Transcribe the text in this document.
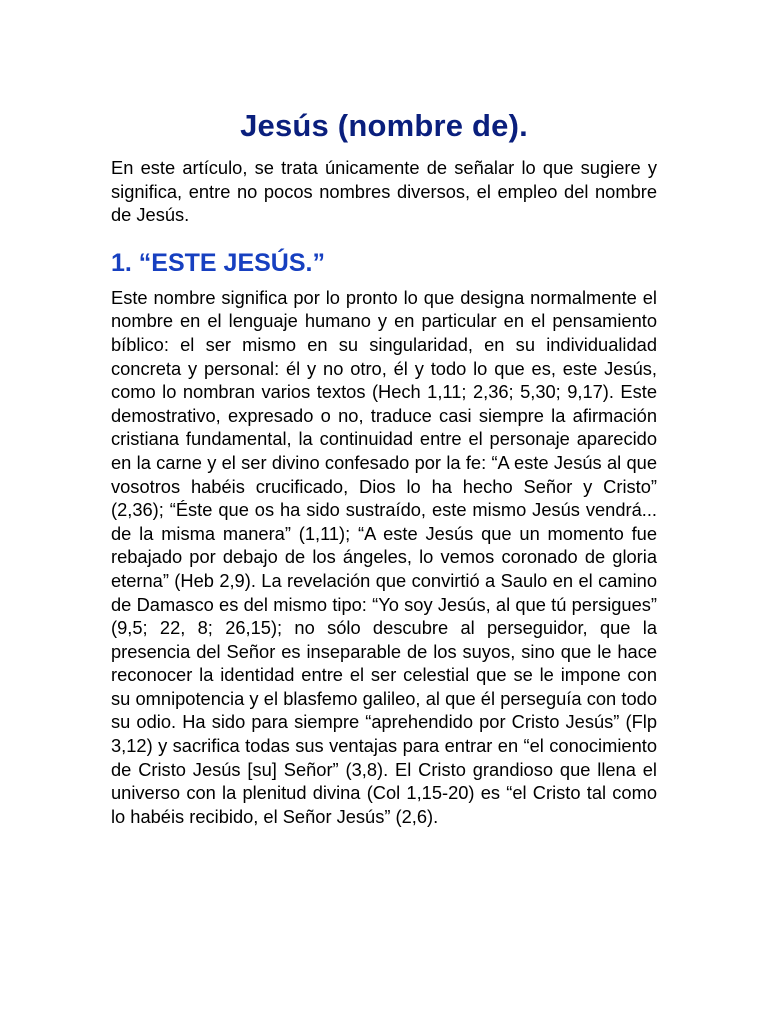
Jesús (nombre de).

En este artículo, se trata únicamente de señalar lo que sugiere y significa, entre no pocos nombres diversos, el empleo del nombre de Jesús.

1. “ESTE JESÚS.”

Este nombre significa por lo pronto lo que designa normalmente el nombre en el lenguaje humano y en particular en el pensamiento bíblico: el ser mismo en su singularidad, en su individualidad concreta y personal: él y no otro, él y todo lo que es, este Jesús, como lo nombran varios textos (Hech 1,11; 2,36; 5,30; 9,17). Este demostrativo, expresado o no, traduce casi siempre la afirmación cristiana fundamental, la continuidad entre el personaje aparecido en la carne y el ser divino confesado por la fe: “A este Jesús al que vosotros habéis crucificado, Dios lo ha hecho Señor y Cristo” (2,36); “Éste que os ha sido sustraído, este mismo Jesús vendrá... de la misma manera” (1,11); “A este Jesús que un momento fue rebajado por debajo de los ángeles, lo vemos coronado de gloria eterna” (Heb 2,9). La revelación que convirtió a Saulo en el camino de Damasco es del mismo tipo: “Yo soy Jesús, al que tú persigues” (9,5; 22, 8; 26,15); no sólo descubre al perseguidor, que la presencia del Señor es inseparable de los suyos, sino que le hace reconocer la identidad entre el ser celestial que se le impone con su omnipotencia y el blasfemo galileo, al que él perseguía con todo su odio. Ha sido para siempre “aprehendido por Cristo Jesús” (Flp 3,12) y sacrifica todas sus ventajas para entrar en “el conocimiento de Cristo Jesús [su] Señor” (3,8). El Cristo grandioso que llena el universo con la plenitud divina (Col 1,15-20) es “el Cristo tal como lo habéis recibido, el Señor Jesús” (2,6).
